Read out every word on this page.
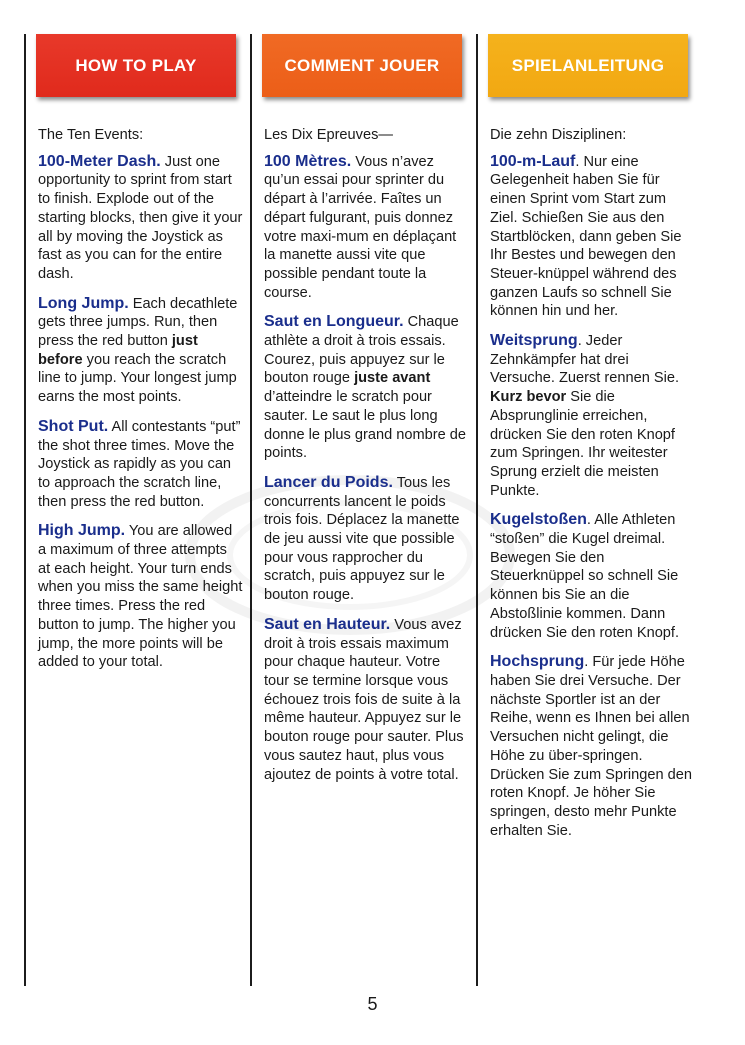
HOW TO PLAY

The Ten Events:

100-Meter Dash. Just one opportunity to sprint from start to finish. Explode out of the starting blocks, then give it your all by moving the Joystick as fast as you can for the entire dash.

Long Jump. Each decathlete gets three jumps. Run, then press the red button just before you reach the scratch line to jump. Your longest jump earns the most points.

Shot Put. All contestants “put” the shot three times. Move the Joystick as rapidly as you can to approach the scratch line, then press the red button.

High Jump. You are allowed a maximum of three attempts at each height. Your turn ends when you miss the same height three times. Press the red button to jump. The higher you jump, the more points will be added to your total.

COMMENT JOUER

Les Dix Epreuves—

100 Mètres. Vous n’avez qu’un essai pour sprinter du départ à l’arrivée. Faîtes un départ fulgurant, puis donnez votre maxi-mum en déplaçant la manette aussi vite que possible pendant toute la course.

Saut en Longueur. Chaque athlète a droit à trois essais. Courez, puis appuyez sur le bouton rouge juste avant d’atteindre le scratch pour sauter. Le saut le plus long donne le plus grand nombre de points.

Lancer du Poids. Tous les concurrents lancent le poids trois fois. Déplacez la manette de jeu aussi vite que possible pour vous rapprocher du scratch, puis appuyez sur le bouton rouge.

Saut en Hauteur. Vous avez droit à trois essais maximum pour chaque hauteur. Votre tour se termine lorsque vous échouez trois fois de suite à la même hauteur. Appuyez sur le bouton rouge pour sauter. Plus vous sautez haut, plus vous ajoutez de points à votre total.

SPIELANLEITUNG

Die zehn Disziplinen:

100-m-Lauf. Nur eine Gelegenheit haben Sie für einen Sprint vom Start zum Ziel. Schießen Sie aus den Startblöcken, dann geben Sie Ihr Bestes und bewegen den Steuer-knüppel während des ganzen Laufs so schnell Sie können hin und her.

Weitsprung. Jeder Zehnkämpfer hat drei Versuche. Zuerst rennen Sie. Kurz bevor Sie die Absprunglinie erreichen, drücken Sie den roten Knopf zum Springen. Ihr weitester Sprung erzielt die meisten Punkte.

Kugelstoßen. Alle Athleten “stoßen” die Kugel dreimal. Bewegen Sie den Steuerknüppel so schnell Sie können bis Sie an die Abstoßlinie kommen. Dann drücken Sie den roten Knopf.

Hochsprung. Für jede Höhe haben Sie drei Versuche. Der nächste Sportler ist an der Reihe, wenn es Ihnen bei allen Versuchen nicht gelingt, die Höhe zu über-springen. Drücken Sie zum Springen den roten Knopf. Je höher Sie springen, desto mehr Punkte erhalten Sie.

5
